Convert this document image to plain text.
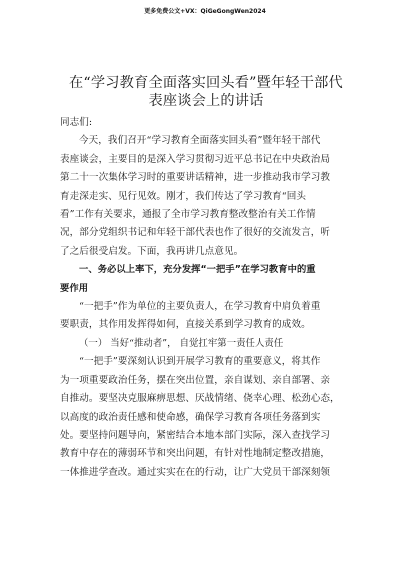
更多免费公文+VX：QiGeGongWen2024
在“学习教育全面落实回头看”暨年轻干部代
表座谈会上的讲话
同志们:
今天，我们召开“学习教育全面落实回头看”暨年轻干部代
表座谈会，主要目的是深入学习贯彻习近平总书记在中央政治局
第二十一次集体学习时的重要讲话精神，进一步推动我市学习教
育走深走实、见行见效。刚才，我们传达了学习教育“回头
看”工作有关要求，通报了全市学习教育整改整治有关工作情
况，部分党组织书记和年轻干部代表也作了很好的交流发言，听
了之后很受启发。下面，我再讲几点意见。
一、务必以上率下，充分发挥“一把手”在学习教育中的重
要作用
“一把手”作为单位的主要负责人，在学习教育中肩负着重
要职责，其作用发挥得如何，直接关系到学习教育的成效。
（一） 当好“推动者”， 自觉扛牢第一责任人责任
“一把手”要深刻认识到开展学习教育的重要意义，将其作
为一项重要政治任务，摆在突出位置，亲自谋划、亲自部署、亲
自推动。要坚决克服麻痹思想、厌战情绪、侥幸心理、松劲心态，
以高度的政治责任感和使命感，确保学习教育各项任务落到实
处。要坚持问题导向，紧密结合本地本部门实际，深入查找学习
教育中存在的薄弱环节和突出问题，有针对性地制定整改措施，
一体推进学查改。通过实实在在的行动，让广大党员干部深刻领
